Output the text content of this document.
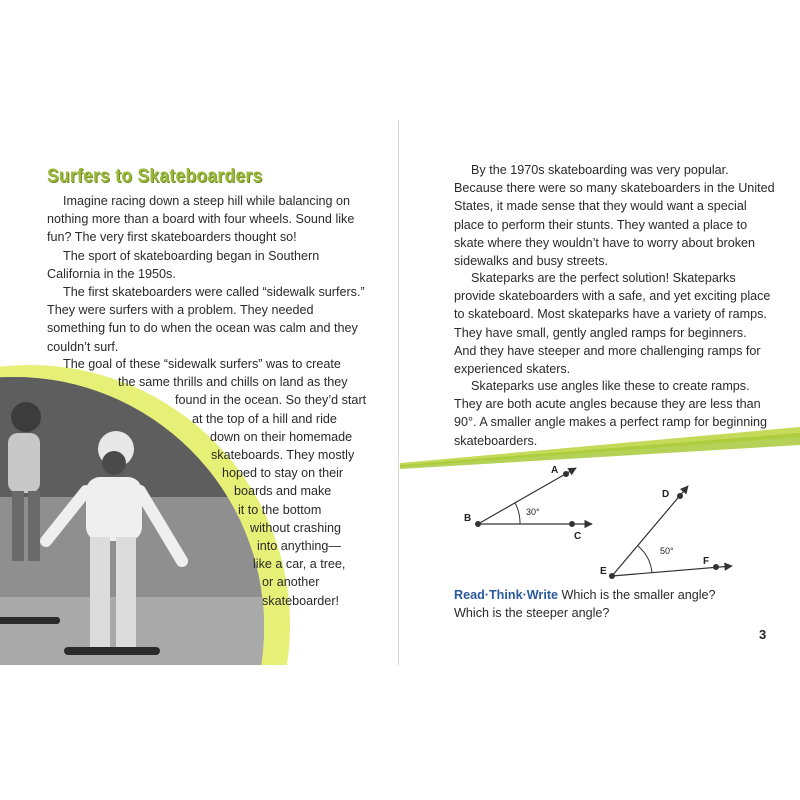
Surfers to Skateboarders
Imagine racing down a steep hill while balancing on
nothing more than a board with four wheels. Sound like
fun? The very first skateboarders thought so!
The sport of skateboarding began in Southern
California in the 1950s.
The first skateboarders were called “sidewalk surfers.”
They were surfers with a problem. They needed
something fun to do when the ocean was calm and they
couldn’t surf.
The goal of these “sidewalk surfers” was to create
the same thrills and chills on land as they
found in the ocean. So they’d start
at the top of a hill and ride
down on their homemade
skateboards. They mostly
hoped to stay on their
boards and make
it to the bottom
without crashing
into anything—
like a car, a tree,
or another
skateboarder!
By the 1970s skateboarding was very popular.
Because there were so many skateboarders in the United
States, it made sense that they would want a special
place to perform their stunts. They wanted a place to
skate where they wouldn’t have to worry about broken
sidewalks and busy streets.
Skateparks are the perfect solution! Skateparks
provide skateboarders with a safe, and yet exciting place
to skateboard. Most skateparks have a variety of ramps.
They have small, gently angled ramps for beginners.
And they have steeper and more challenging ramps for
experienced skaters.
Skateparks use angles like these to create ramps.
They are both acute angles because they are less than
90°. A smaller angle makes a perfect ramp for beginning
skateboarders.
B
A
C
30°
E
D
F
50°
Read·Think·Write Which is the smaller angle?
Which is the steeper angle?
3
